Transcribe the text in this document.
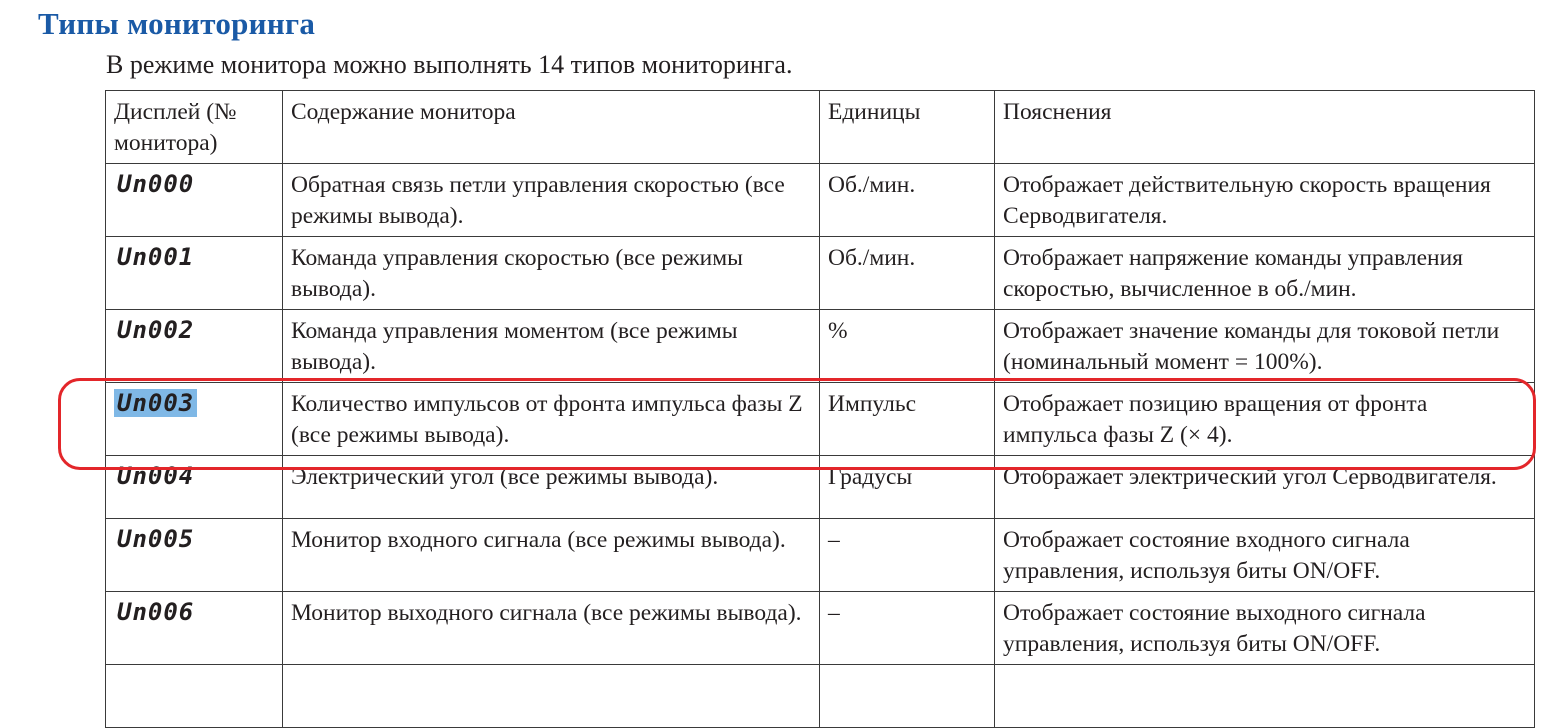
Типы мониторинга
В режиме монитора можно выполнять 14 типов мониторинга.
Дисплей (№ монитора)	Содержание монитора	Единицы	Пояснения
Un000	Обратная связь петли управления скоростью (все режимы вывода).	Об./мин.	Отображает действительную скорость вращения Серводвигателя.
Un001	Команда управления скоростью (все режимы вывода).	Об./мин.	Отображает напряжение команды управления скоростью, вычисленное в об./мин.
Un002	Команда управления моментом (все режимы вывода).	%	Отображает значение команды для токовой петли (номинальный момент = 100%).
Un003	Количество импульсов от фронта импульса фазы Z (все режимы вывода).	Импульс	Отображает позицию вращения от фронта импульса фазы Z (× 4).
Un004	Электрический угол (все режимы вывода).	Градусы	Отображает электрический угол Серводвигателя.
Un005	Монитор входного сигнала (все режимы вывода).	–	Отображает состояние входного сигнала управления, используя биты ON/OFF.
Un006	Монитор выходного сигнала (все режимы вывода).	–	Отображает состояние выходного сигнала управления, используя биты ON/OFF.
